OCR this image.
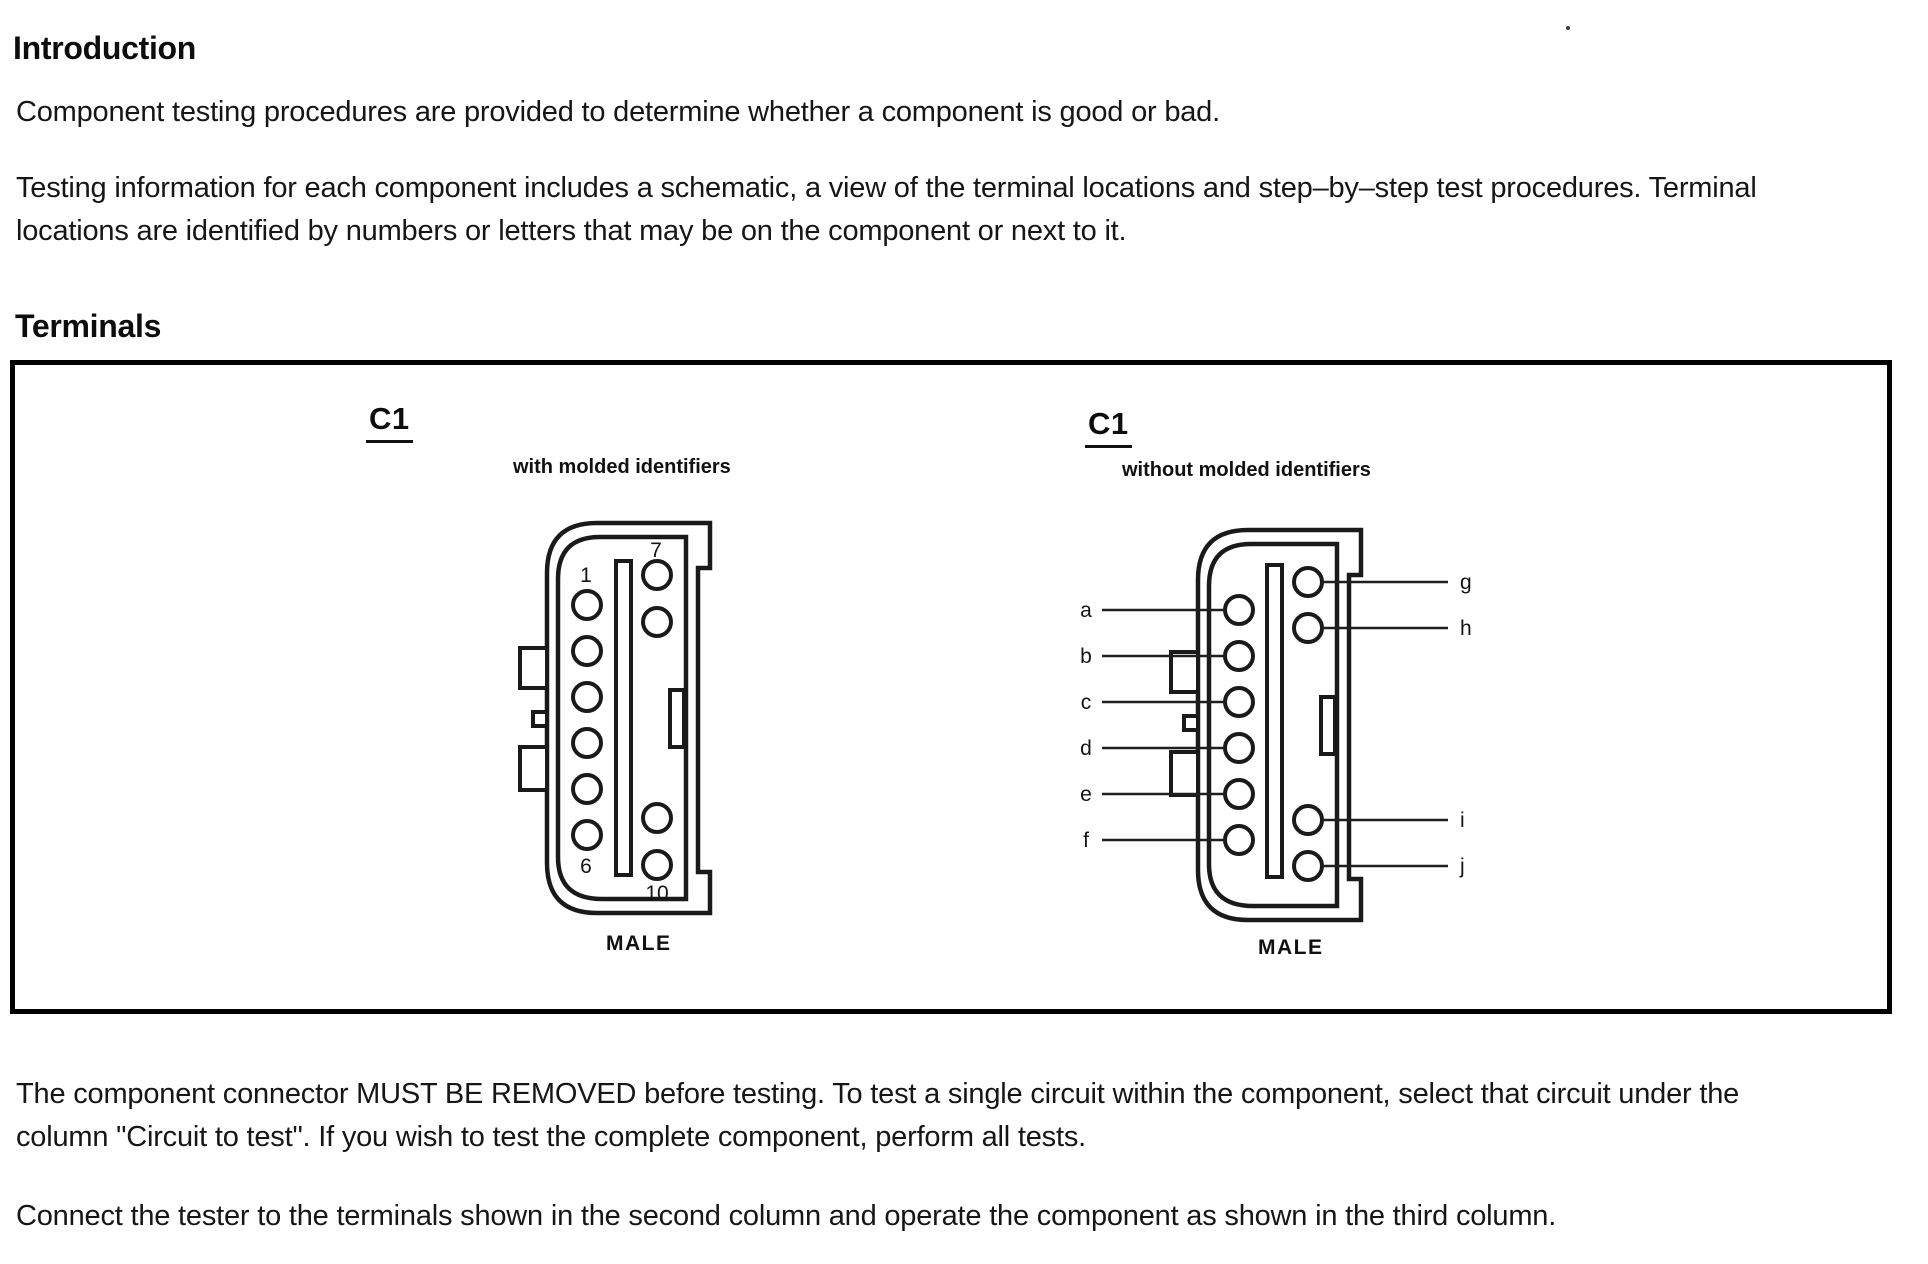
Introduction
Component testing procedures are provided to determine whether a component is good or bad.
Testing information for each component includes a schematic, a view of the terminal locations and step–by–step test procedures. Terminal
locations are identified by numbers or letters that may be on the component or next to it.
Terminals
C1
with molded identifiers
C1
without molded identifiers
1
7
6
10
a
b
c
d
e
f
g
h
i
j
MALE	MALE
The component connector MUST BE REMOVED before testing. To test a single circuit within the component, select that circuit under the
column "Circuit to test". If you wish to test the complete component, perform all tests.
Connect the tester to the terminals shown in the second column and operate the component as shown in the third column.
